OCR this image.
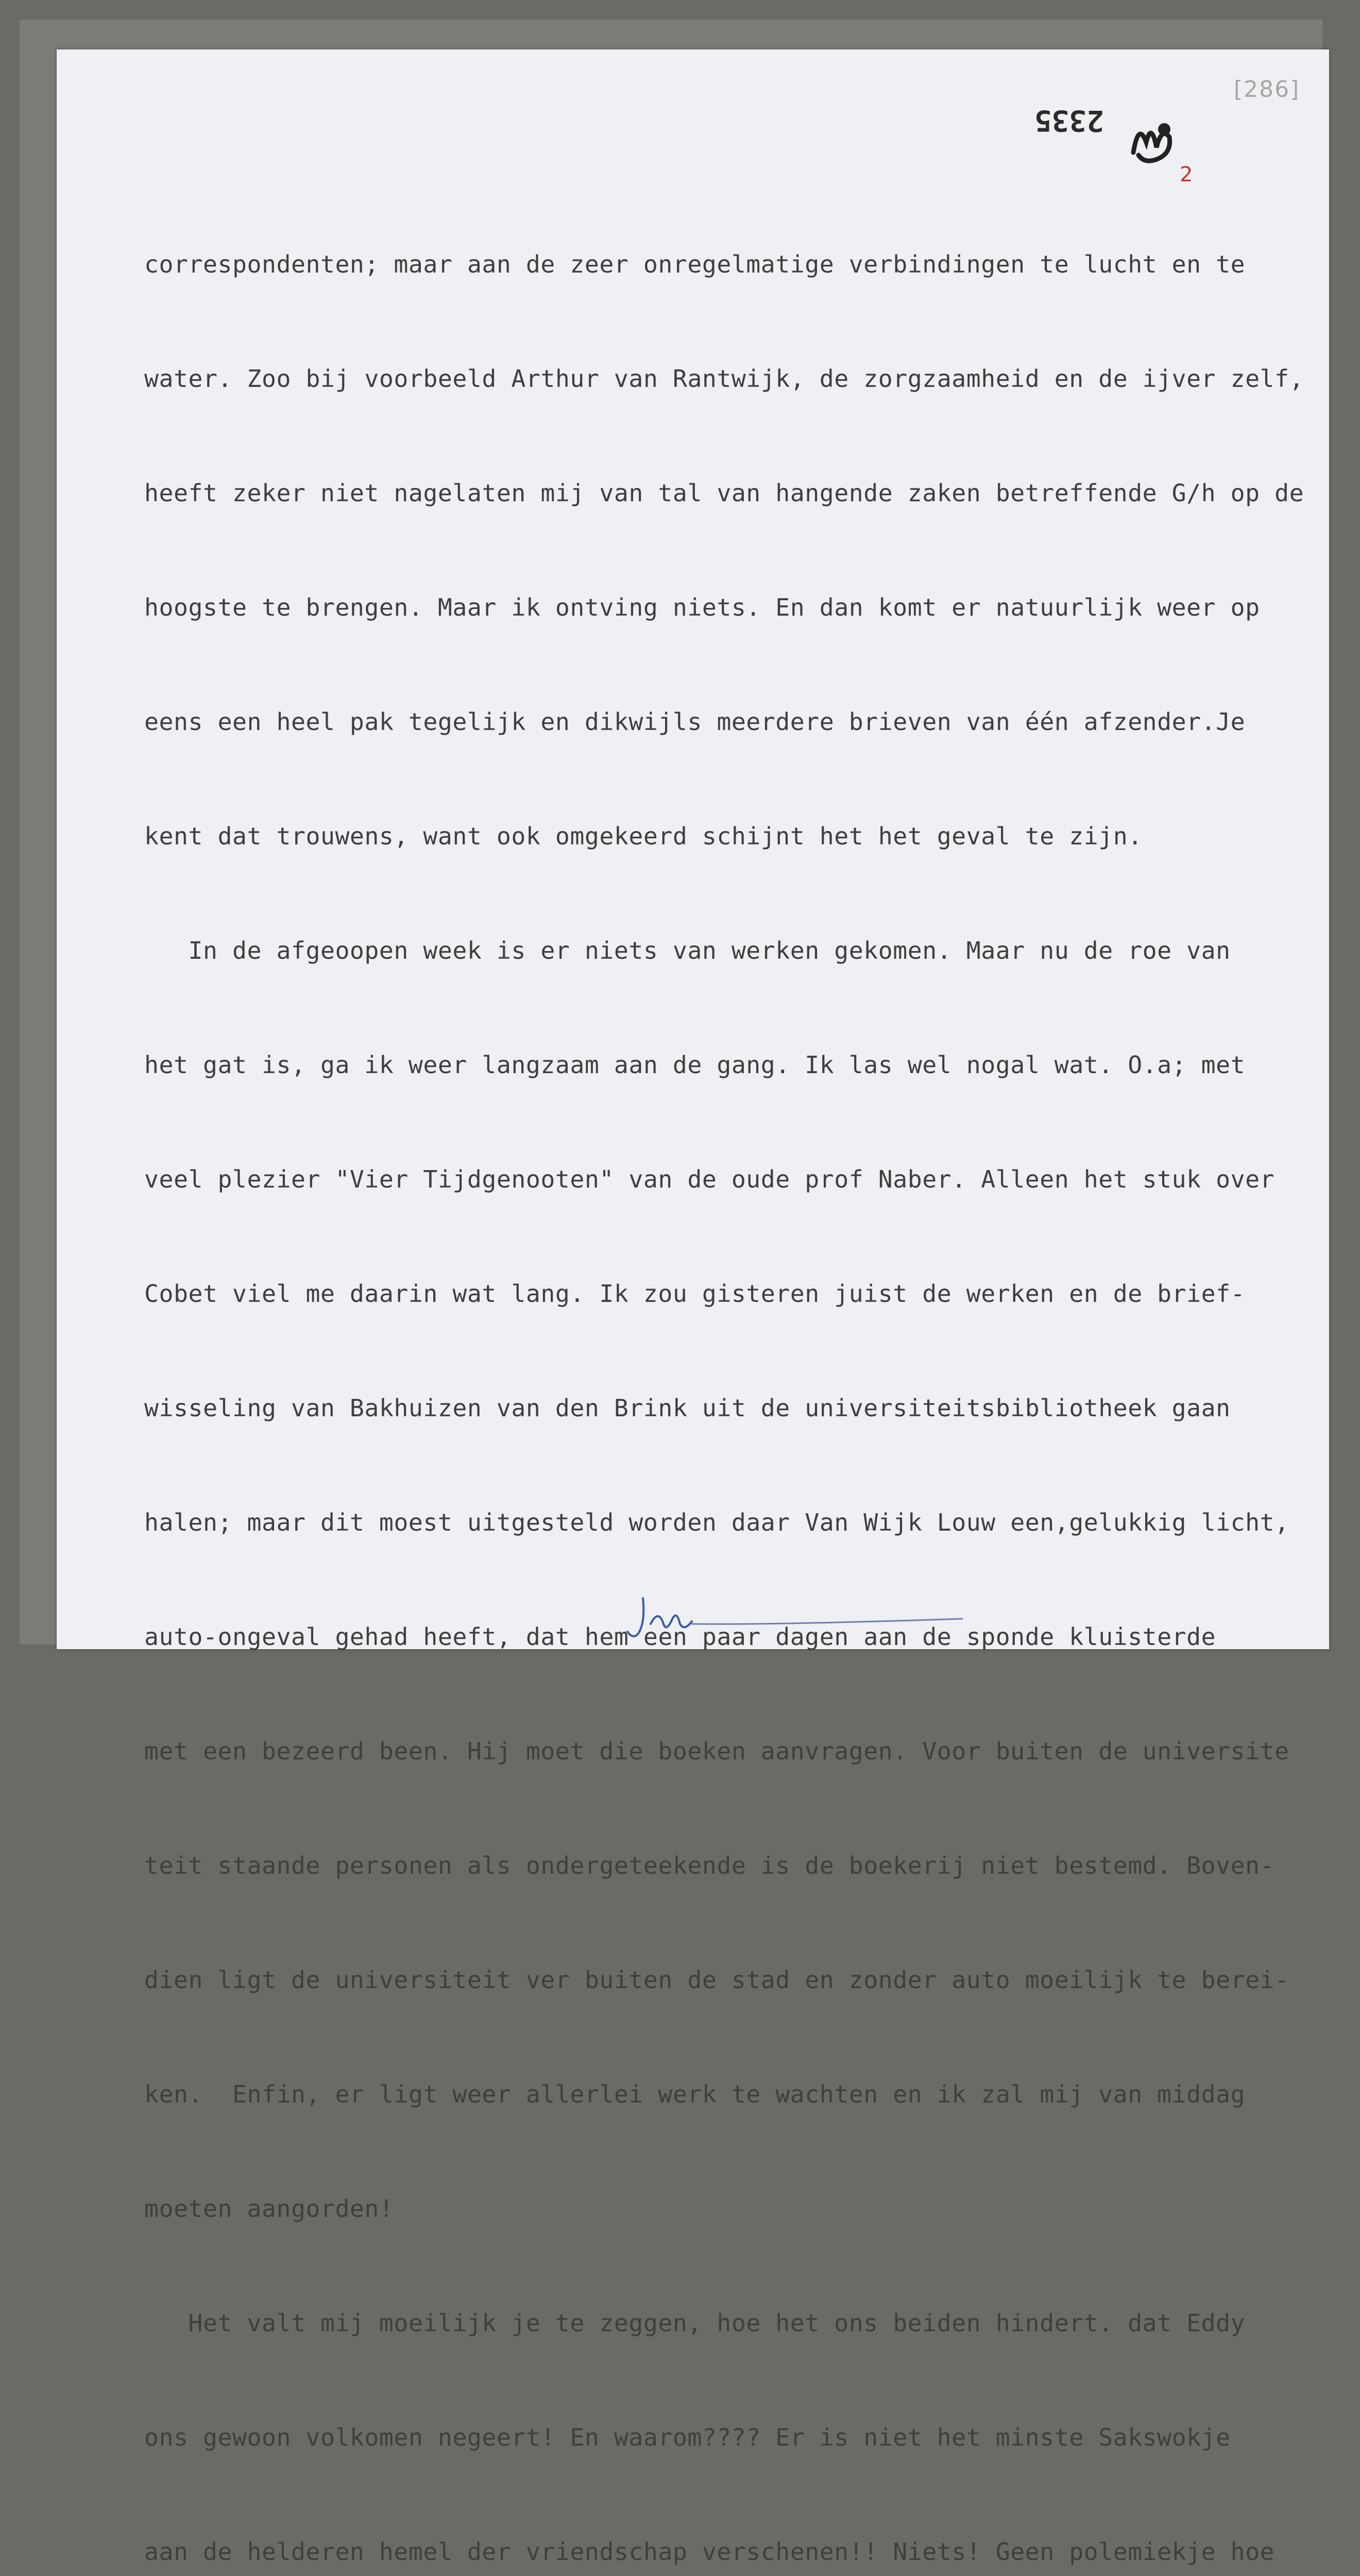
[286]
2335
2

correspondenten; maar aan de zeer onregelmatige verbindingen te lucht en te

water. Zoo bij voorbeeld Arthur van Rantwijk, de zorgzaamheid en de ijver zelf,

heeft zeker niet nagelaten mij van tal van hangende zaken betreffende G/h op de

hoogste te brengen. Maar ik ontving niets. En dan komt er natuurlijk weer op

eens een heel pak tegelijk en dikwijls meerdere brieven van één afzender.Je

kent dat trouwens, want ook omgekeerd schijnt het het geval te zijn.

In de afgeoopen week is er niets van werken gekomen. Maar nu de roe van

het gat is, ga ik weer langzaam aan de gang. Ik las wel nogal wat. O.a; met

veel plezier "Vier Tijdgenooten" van de oude prof Naber. Alleen het stuk over

Cobet viel me daarin wat lang. Ik zou gisteren juist de werken en de brief-

wisseling van Bakhuizen van den Brink uit de universiteitsbibliotheek gaan

halen; maar dit moest uitgesteld worden daar Van Wijk Louw een,gelukkig licht,

auto-ongeval gehad heeft, dat hem een paar dagen aan de sponde kluisterde

met een bezeerd been. Hij moet die boeken aanvragen. Voor buiten de universite

teit staande personen als ondergeteekende is de boekerij niet bestemd. Boven-

dien ligt de universiteit ver buiten de stad en zonder auto moeilijk te berei-

ken.  Enfin, er ligt weer allerlei werk te wachten en ik zal mij van middag

moeten aangorden!

Het valt mij moeilijk je te zeggen, hoe het ons beiden hindert. dat Eddy

ons gewoon volkomen negeert! En waarom???? Er is niet het minste Sakswokje

aan de helderen hemel der vriendschap verschenen!! Niets! Geen polemiekje hoe
